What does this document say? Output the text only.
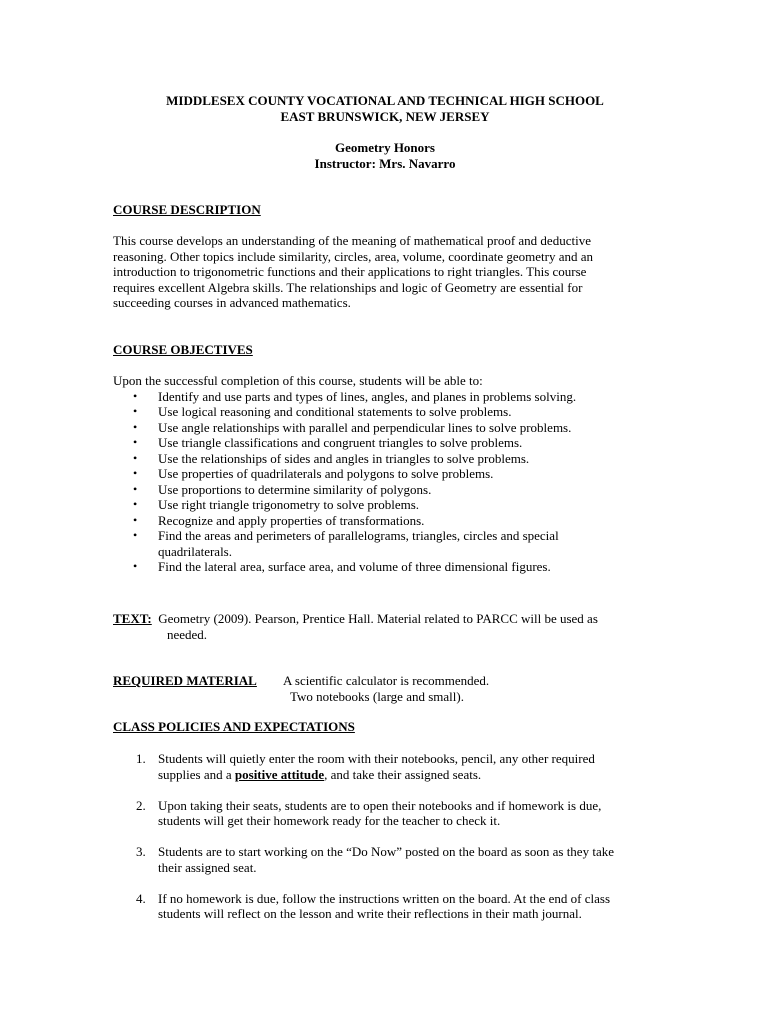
MIDDLESEX COUNTY VOCATIONAL AND TECHNICAL HIGH SCHOOL
EAST BRUNSWICK, NEW JERSEY
Geometry Honors
Instructor: Mrs. Navarro
COURSE DESCRIPTION
This course develops an understanding of the meaning of mathematical proof and deductive
reasoning. Other topics include similarity, circles, area, volume, coordinate geometry and an
introduction to trigonometric functions and their applications to right triangles. This course
requires excellent Algebra skills. The relationships and logic of Geometry are essential for
succeeding courses in advanced mathematics.
COURSE OBJECTIVES
Upon the successful completion of this course, students will be able to:
• Identify and use parts and types of lines, angles, and planes in problems solving.
• Use logical reasoning and conditional statements to solve problems.
• Use angle relationships with parallel and perpendicular lines to solve problems.
• Use triangle classifications and congruent triangles to solve problems.
• Use the relationships of sides and angles in triangles to solve problems.
• Use properties of quadrilaterals and polygons to solve problems.
• Use proportions to determine similarity of polygons.
• Use right triangle trigonometry to solve problems.
• Recognize and apply properties of transformations.
• Find the areas and perimeters of parallelograms, triangles, circles and special
quadrilaterals.
• Find the lateral area, surface area, and volume of three dimensional figures.
TEXT: Geometry (2009). Pearson, Prentice Hall. Material related to PARCC will be used as
needed.
REQUIRED MATERIAL A scientific calculator is recommended.
Two notebooks (large and small).
CLASS POLICIES AND EXPECTATIONS
1. Students will quietly enter the room with their notebooks, pencil, any other required
supplies and a positive attitude, and take their assigned seats.
2. Upon taking their seats, students are to open their notebooks and if homework is due,
students will get their homework ready for the teacher to check it.
3. Students are to start working on the “Do Now” posted on the board as soon as they take
their assigned seat.
4. If no homework is due, follow the instructions written on the board. At the end of class
students will reflect on the lesson and write their reflections in their math journal.
